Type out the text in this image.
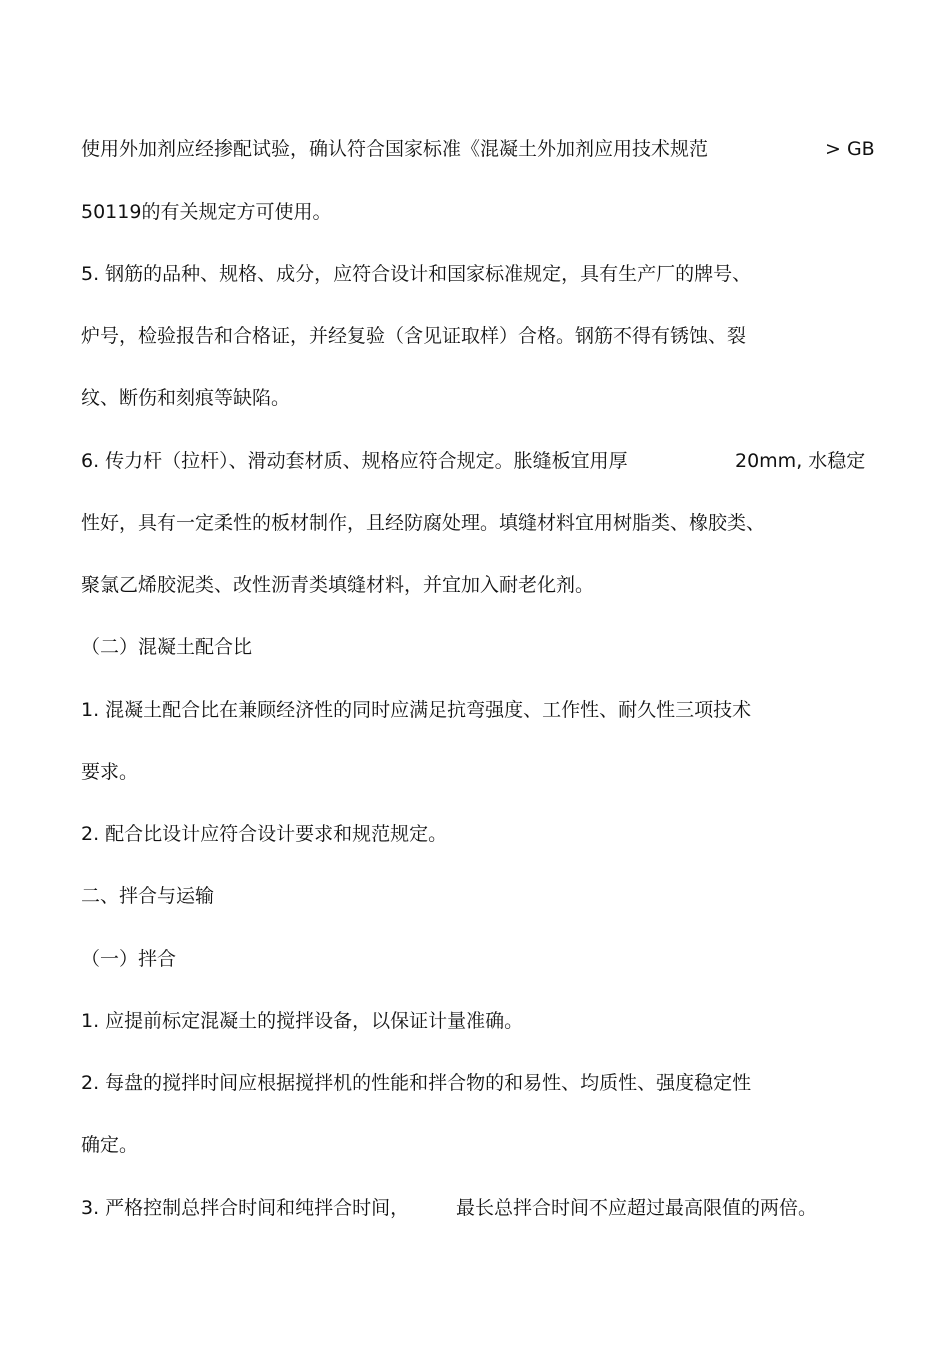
使用外加剂应经掺配试验，确认符合国家标准《混凝土外加剂应用技术规范	> GB
50119的有关规定方可使用。
5. 钢筋的品种、规格、成分，应符合设计和国家标准规定，具有生产厂的牌号、
炉号，检验报告和合格证，并经复验（含见证取样）合格。钢筋不得有锈蚀、裂
纹、断伤和刻痕等缺陷。
6. 传力杆（拉杆）、滑动套材质、规格应符合规定。胀缝板宜用厚	20mm, 水稳定
性好，具有一定柔性的板材制作，且经防腐处理。填缝材料宜用树脂类、橡胶类、
聚氯乙烯胶泥类、改性沥青类填缝材料，并宜加入耐老化剂。
（二）混凝土配合比
1. 混凝土配合比在兼顾经济性的同时应满足抗弯强度、工作性、耐久性三项技术
要求。
2. 配合比设计应符合设计要求和规范规定。
二、拌合与运输
（一）拌合
1. 应提前标定混凝土的搅拌设备，以保证计量准确。
2. 每盘的搅拌时间应根据搅拌机的性能和拌合物的和易性、均质性、强度稳定性
确定。
3. 严格控制总拌合时间和纯拌合时间， 最长总拌合时间不应超过最高限值的两倍。
